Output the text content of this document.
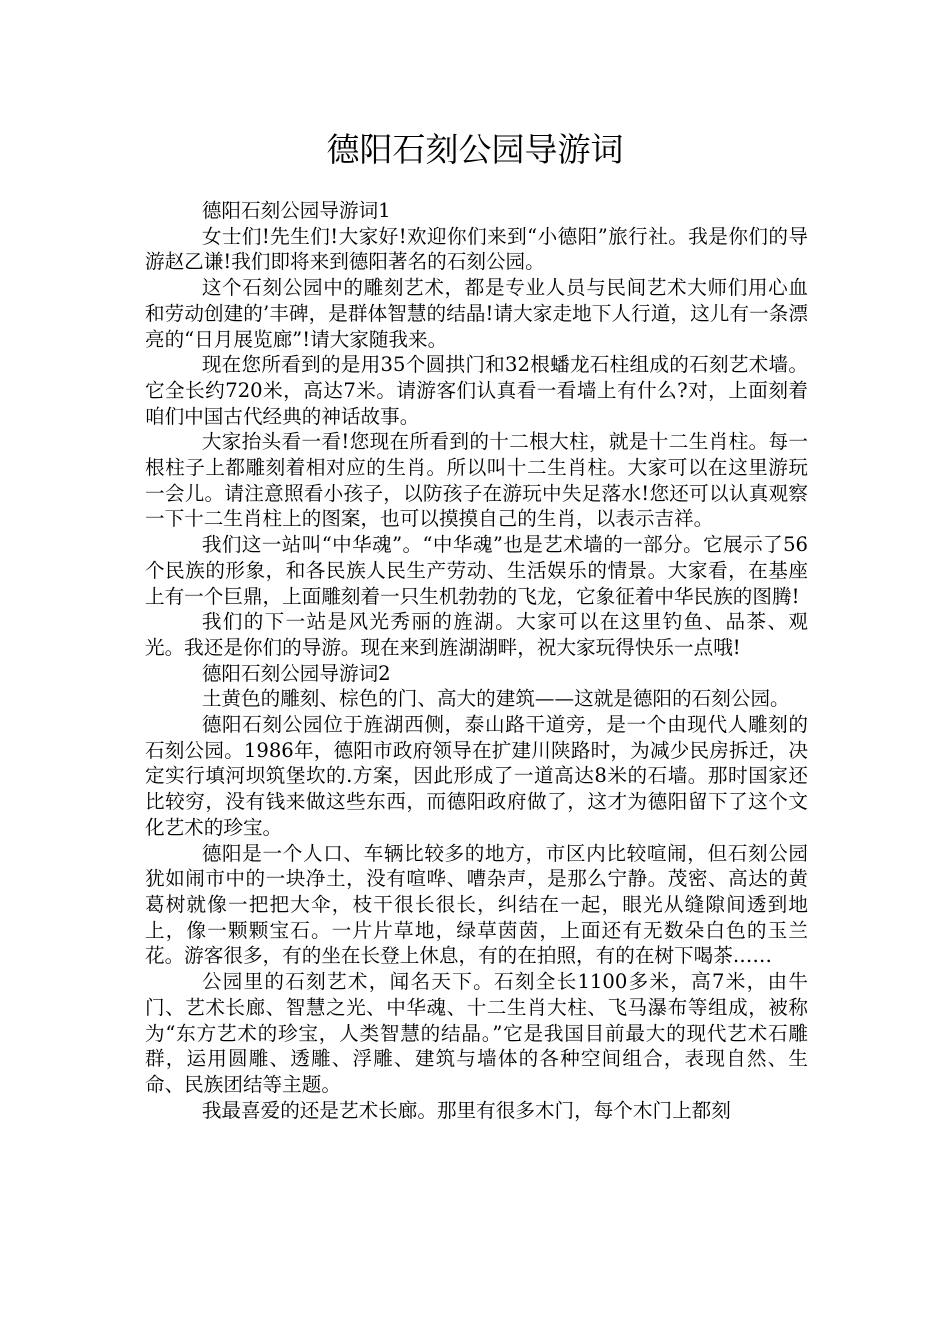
德阳石刻公园导游词

德阳石刻公园导游词1

女士们!先生们!大家好!欢迎你们来到“小德阳”旅行社。我是你们的导游赵乙谦!我们即将来到德阳著名的石刻公园。

这个石刻公园中的雕刻艺术，都是专业人员与民间艺术大师们用心血和劳动创建的’丰碑，是群体智慧的结晶!请大家走地下人行道，这儿有一条漂亮的“日月展览廊”!请大家随我来。

现在您所看到的是用35个圆拱门和32根蟠龙石柱组成的石刻艺术墙。它全长约720米，高达7米。请游客们认真看一看墙上有什么?对，上面刻着咱们中国古代经典的神话故事。

大家抬头看一看!您现在所看到的十二根大柱，就是十二生肖柱。每一根柱子上都雕刻着相对应的生肖。所以叫十二生肖柱。大家可以在这里游玩一会儿。请注意照看小孩子，以防孩子在游玩中失足落水!您还可以认真观察一下十二生肖柱上的图案，也可以摸摸自己的生肖，以表示吉祥。

我们这一站叫“中华魂”。“中华魂”也是艺术墙的一部分。它展示了56个民族的形象，和各民族人民生产劳动、生活娱乐的情景。大家看，在基座上有一个巨鼎，上面雕刻着一只生机勃勃的飞龙，它象征着中华民族的图腾!

我们的下一站是风光秀丽的旌湖。大家可以在这里钓鱼、品茶、观光。我还是你们的导游。现在来到旌湖湖畔，祝大家玩得快乐一点哦!

德阳石刻公园导游词2

土黄色的雕刻、棕色的门、高大的建筑——这就是德阳的石刻公园。

德阳石刻公园位于旌湖西侧，泰山路干道旁，是一个由现代人雕刻的石刻公园。1986年，德阳市政府领导在扩建川陕路时，为减少民房拆迁，决定实行填河坝筑堡坎的.方案，因此形成了一道高达8米的石墙。那时国家还比较穷，没有钱来做这些东西，而德阳政府做了，这才为德阳留下了这个文化艺术的珍宝。

德阳是一个人口、车辆比较多的地方，市区内比较喧闹，但石刻公园犹如闹市中的一块净土，没有喧哗、嘈杂声，是那么宁静。茂密、高达的黄葛树就像一把把大伞，枝干很长很长，纠结在一起，眼光从缝隙间透到地上，像一颗颗宝石。一片片草地，绿草茵茵，上面还有无数朵白色的玉兰花。游客很多，有的坐在长登上休息，有的在拍照，有的在树下喝茶……

公园里的石刻艺术，闻名天下。石刻全长1100多米，高7米，由牛门、艺术长廊、智慧之光、中华魂、十二生肖大柱、飞马瀑布等组成，被称为“东方艺术的珍宝，人类智慧的结晶。”它是我国目前最大的现代艺术石雕群，运用圆雕、透雕、浮雕、建筑与墙体的各种空间组合，表现自然、生命、民族团结等主题。

我最喜爱的还是艺术长廊。那里有很多木门，每个木门上都刻
